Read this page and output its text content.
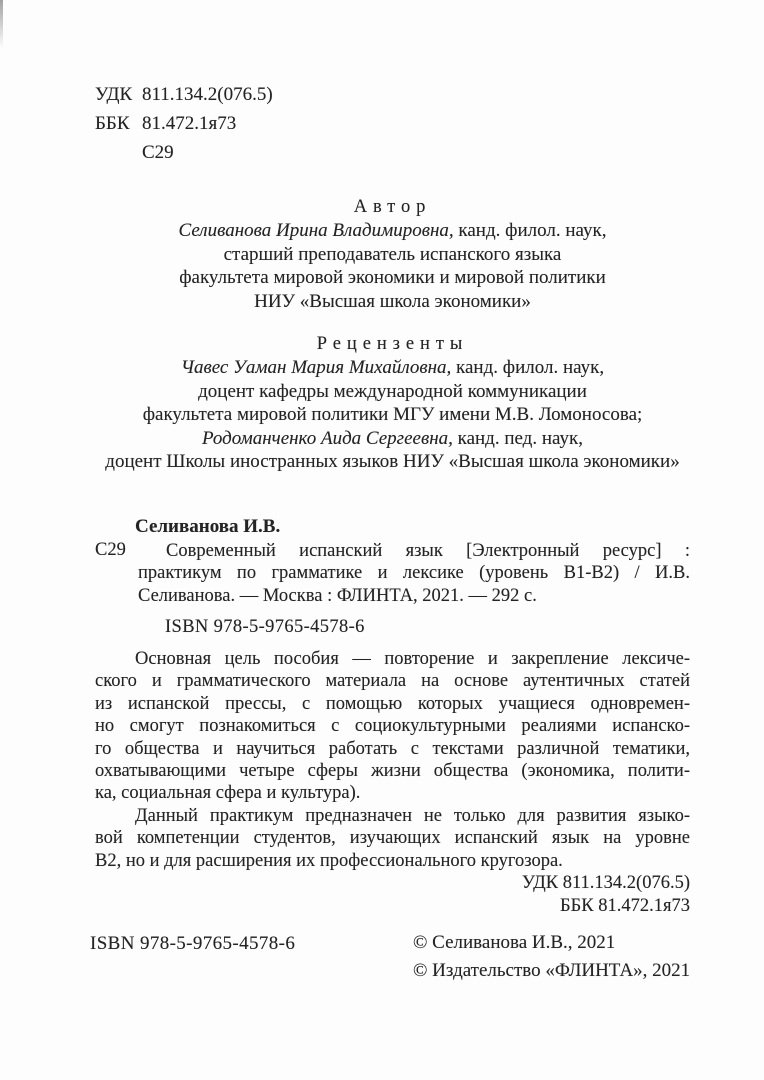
УДК 811.134.2(076.5)
ББК 81.472.1я73
С29
Автор
Селиванова Ирина Владимировна, канд. филол. наук,
старший преподаватель испанского языка
факультета мировой экономики и мировой политики
НИУ «Высшая школа экономики»
Рецензенты
Чавес Уаман Мария Михайловна, канд. филол. наук,
доцент кафедры международной коммуникации
факультета мировой политики МГУ имени М.В. Ломоносова;
Родоманченко Аида Сергеевна, канд. пед. наук,
доцент Школы иностранных языков НИУ «Высшая школа экономики»
Селиванова И.В.
С29	Современный испанский язык [Электронный ресурс] :
практикум по грамматике и лексике (уровень B1-B2) / И.В.
Селиванова. — Москва : ФЛИНТА, 2021. — 292 с.
ISBN 978-5-9765-4578-6
Основная цель пособия — повторение и закрепление лексиче-
ского и грамматического материала на основе аутентичных статей
из испанской прессы, с помощью которых учащиеся одновремен-
но смогут познакомиться с социокультурными реалиями испанско-
го общества и научиться работать с текстами различной тематики,
охватывающими четыре сферы жизни общества (экономика, полити-
ка, социальная сфера и культура).
Данный практикум предназначен не только для развития языко-
вой компетенции студентов, изучающих испанский язык на уровне
B2, но и для расширения их профессионального кругозора.
УДК 811.134.2(076.5)
ББК 81.472.1я73
ISBN 978-5-9765-4578-6	© Селиванова И.В., 2021
© Издательство «ФЛИНТА», 2021
